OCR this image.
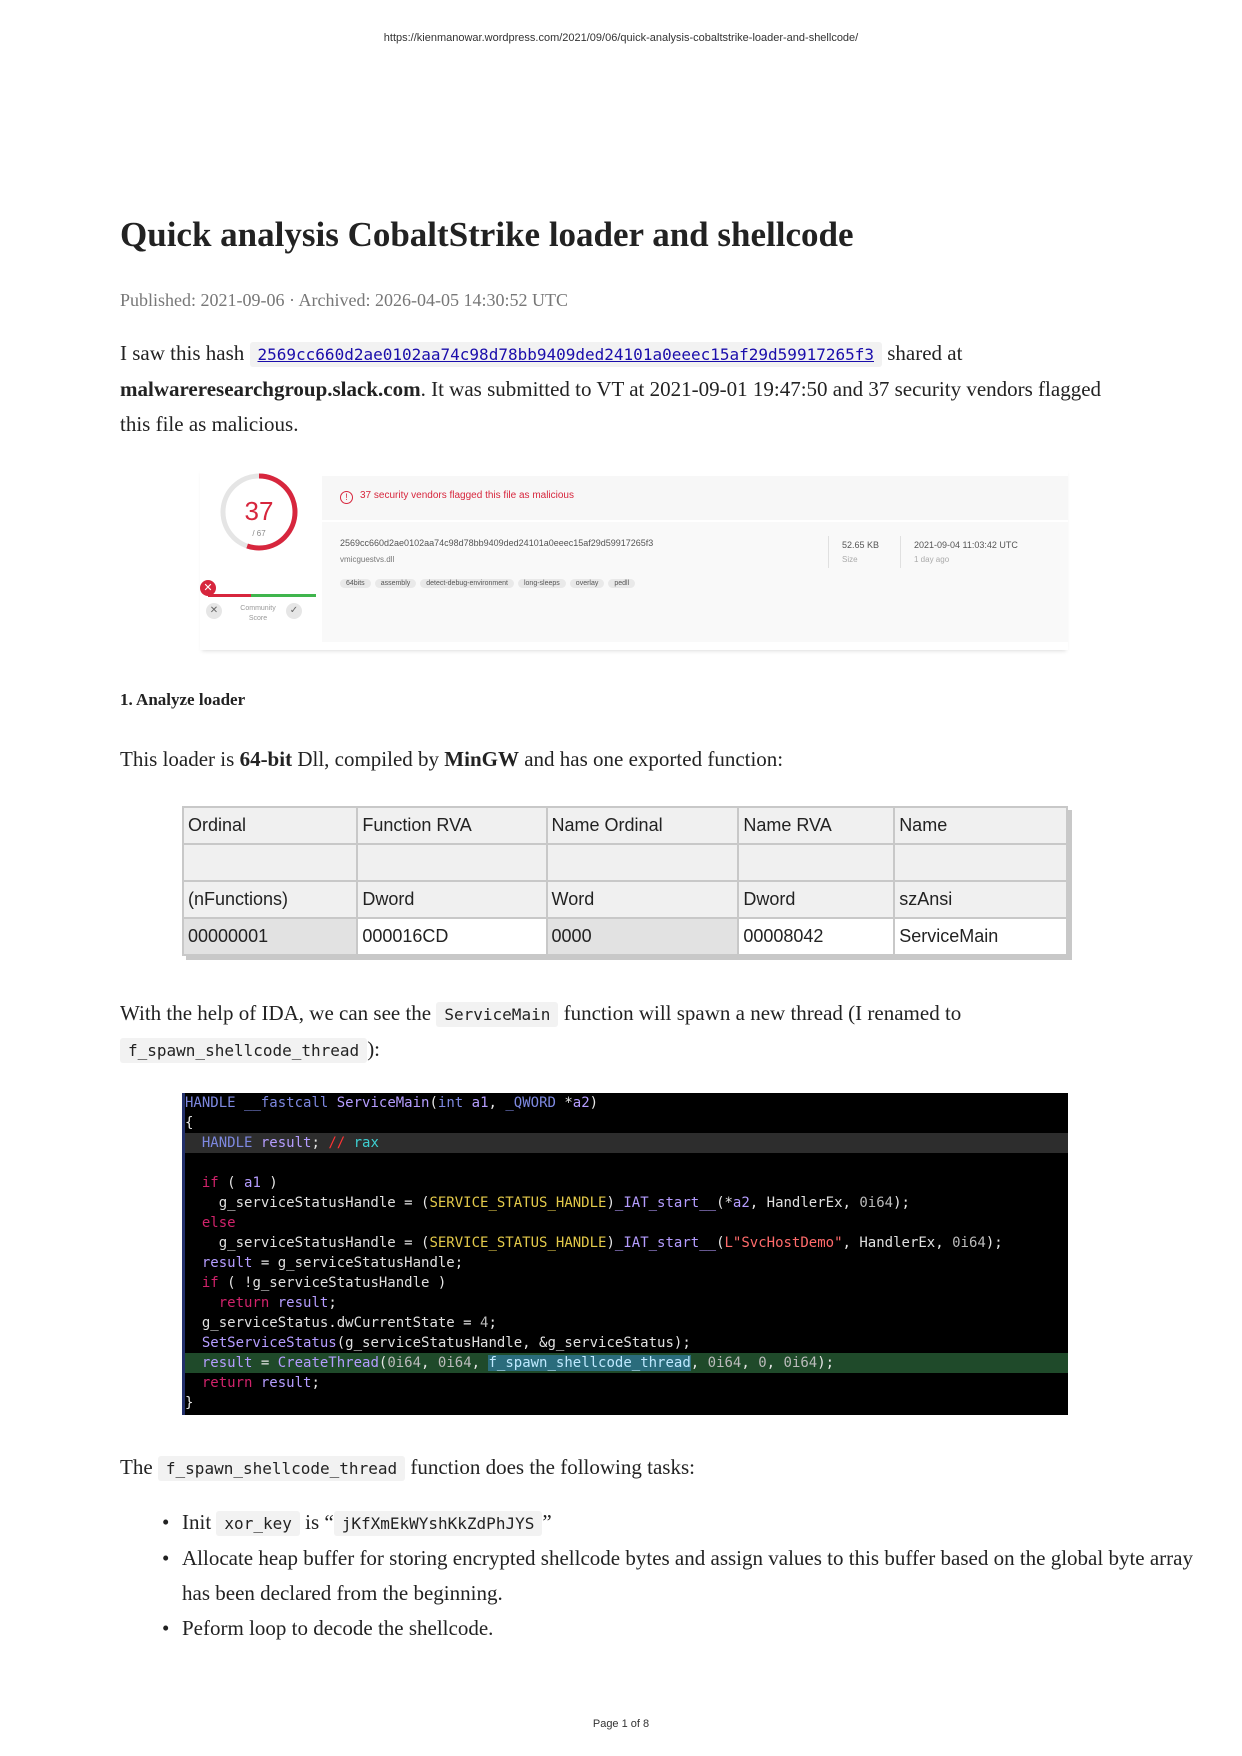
https://kienmanowar.wordpress.com/2021/09/06/quick-analysis-cobaltstrike-loader-and-shellcode/
Quick analysis CobaltStrike loader and shellcode
Published: 2021-09-06 · Archived: 2026-04-05 14:30:52 UTC

I saw this hash 2569cc660d2ae0102aa74c98d78bb9409ded24101a0eeec15af29d59917265f3 shared at malwareresearchgroup.slack.com. It was submitted to VT at 2021-09-01 19:47:50 and 37 security vendors flagged this file as malicious.

37
/ 67
✕
✕	Community Score
✓
!	37 security vendors flagged this file as malicious
2569cc660d2ae0102aa74c98d78bb9409ded24101a0eeec15af29d59917265f3
vmicguestvs.dll
64bits assembly detect-debug-environment long-sleeps overlay pedll
52.65 KB
Size
2021-09-04 11:03:42 UTC
1 day ago
1. Analyze loader

This loader is 64-bit Dll, compiled by MinGW and has one exported function:

Ordinal	Function RVA	Name Ordinal	Name RVA	Name

(nFunctions)	Dword	Word	Dword	szAnsi
00000001	000016CD	0000	00008042	ServiceMain

With the help of IDA, we can see the ServiceMain function will spawn a new thread (I renamed to
f_spawn_shellcode_thread ):

HANDLE __fastcall ServiceMain(int a1, _QWORD *a2)
{
HANDLE result; // rax
if ( a1 )
g_serviceStatusHandle = (SERVICE_STATUS_HANDLE)_IAT_start__(*a2, HandlerEx, 0i64);
else
g_serviceStatusHandle = (SERVICE_STATUS_HANDLE)_IAT_start__(L"SvcHostDemo", HandlerEx, 0i64);
result = g_serviceStatusHandle;
if ( !g_serviceStatusHandle )
return result;
g_serviceStatus.dwCurrentState = 4;
SetServiceStatus(g_serviceStatusHandle, &g_serviceStatus);
result = CreateThread(0i64, 0i64, f_spawn_shellcode_thread, 0i64, 0, 0i64);
return result;
}

The f_spawn_shellcode_thread function does the following tasks:

• Init xor_key is “ jKfXmEkWYshKkZdPhJYS ”
• Allocate heap buffer for storing encrypted shellcode bytes and assign values to this buffer based on the global byte array has been declared from the beginning.
• Peform loop to decode the shellcode.
Page 1 of 8
